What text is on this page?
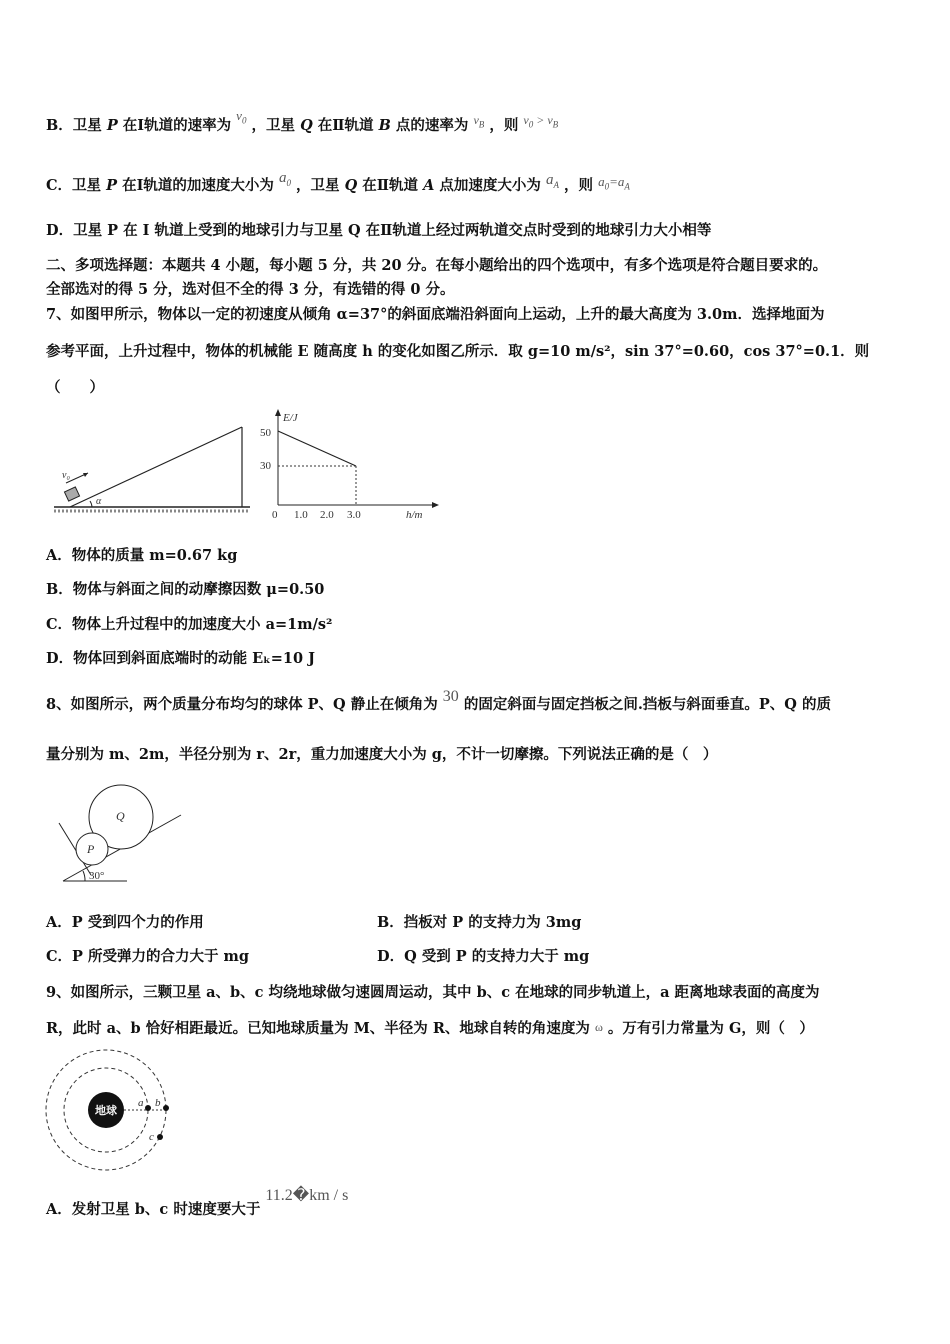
B．卫星 P 在I轨道的速率为 $v_0$ ，卫星 Q 在Ⅱ轨道 B 点的速率为 $^{v_B}$ ，则 $^{v_0 > v_B}$
C．卫星 P 在I轨道的加速度大小为 $a_0$ ，卫星 Q 在Ⅱ轨道 A 点加速度大小为 $a_A$ ，则 $a_0=a_A$
D．卫星 P 在 I 轨道上受到的地球引力与卫星 Q 在Ⅱ轨道上经过两轨道交点时受到的地球引力大小相等
二、多项选择题：本题共 4 小题，每小题 5 分，共 20 分。在每小题给出的四个选项中，有多个选项是符合题目要求的。
全部选对的得 5 分，选对但不全的得 3 分，有选错的得 0 分。
7、如图甲所示，物体以一定的初速度从倾角 α=37°的斜面底端沿斜面向上运动，上升的最大高度为 3.0m．选择地面为
参考平面，上升过程中，物体的机械能 E 随高度 h 的变化如图乙所示．取 g=10 m/s²，sin 37°=0.60，cos 37°=0.1．则
（　　）
v₀
α
E/J
50
30
0 1.0 2.0 3.0	h/m
A．物体的质量 m=0.67 kg
B．物体与斜面之间的动摩擦因数 μ=0.50
C．物体上升过程中的加速度大小 a=1m/s²
D．物体回到斜面底端时的动能 Eₖ=10 J
8、如图所示，两个质量分布均匀的球体 P、Q 静止在倾角为 30 的固定斜面与固定挡板之间.挡板与斜面垂直。P、Q 的质
量分别为 m、2m，半径分别为 r、2r，重力加速度大小为 g，不计一切摩擦。下列说法正确的是（　）
Q
P
30°
A．P 受到四个力的作用	B．挡板对 P 的支持力为 3mg
C．P 所受弹力的合力大于 mg	D．Q 受到 P 的支持力大于 mg
9、如图所示，三颗卫星 a、b、c 均绕地球做匀速圆周运动，其中 b、c 在地球的同步轨道上，a 距离地球表面的高度为
R，此时 a、b 恰好相距最近。已知地球质量为 M、半径为 R、地球自转的角速度为 ω 。万有引力常量为 G，则（　）
地球
a b
c
A．发射卫星 b、c 时速度要大于 11.2�km / s
